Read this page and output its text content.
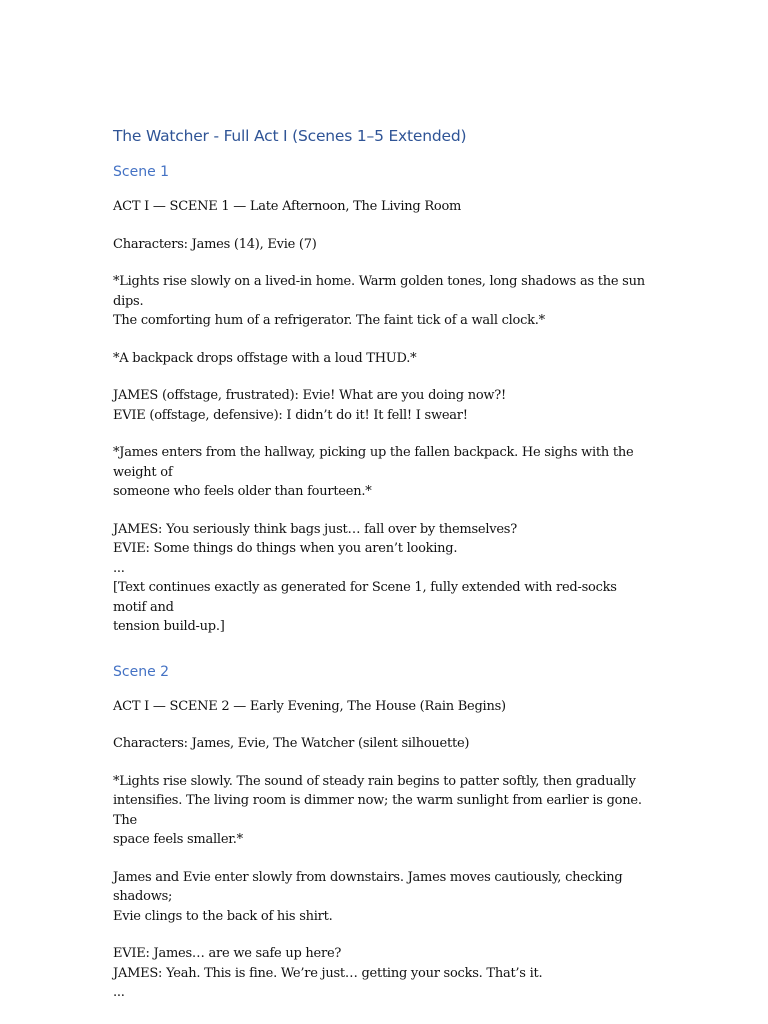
The Watcher - Full Act I (Scenes 1–5 Extended)
Scene 1

ACT I — SCENE 1 — Late Afternoon, The Living Room

Characters: James (14), Evie (7)

*Lights rise slowly on a lived-in home. Warm golden tones, long shadows as the sun dips.
The comforting hum of a refrigerator. The faint tick of a wall clock.*

*A backpack drops offstage with a loud THUD.*

JAMES (offstage, frustrated): Evie! What are you doing now?!
EVIE (offstage, defensive): I didn’t do it! It fell! I swear!

*James enters from the hallway, picking up the fallen backpack. He sighs with the weight of
someone who feels older than fourteen.*

JAMES: You seriously think bags just… fall over by themselves?
EVIE: Some things do things when you aren’t looking.
...
[Text continues exactly as generated for Scene 1, fully extended with red-socks motif and
tension build-up.]

Scene 2

ACT I — SCENE 2 — Early Evening, The House (Rain Begins)

Characters: James, Evie, The Watcher (silent silhouette)

*Lights rise slowly. The sound of steady rain begins to patter softly, then gradually
intensifies. The living room is dimmer now; the warm sunlight from earlier is gone. The
space feels smaller.*

James and Evie enter slowly from downstairs. James moves cautiously, checking shadows;
Evie clings to the back of his shirt.

EVIE: James… are we safe up here?
JAMES: Yeah. This is fine. We’re just… getting your socks. That’s it.
...
